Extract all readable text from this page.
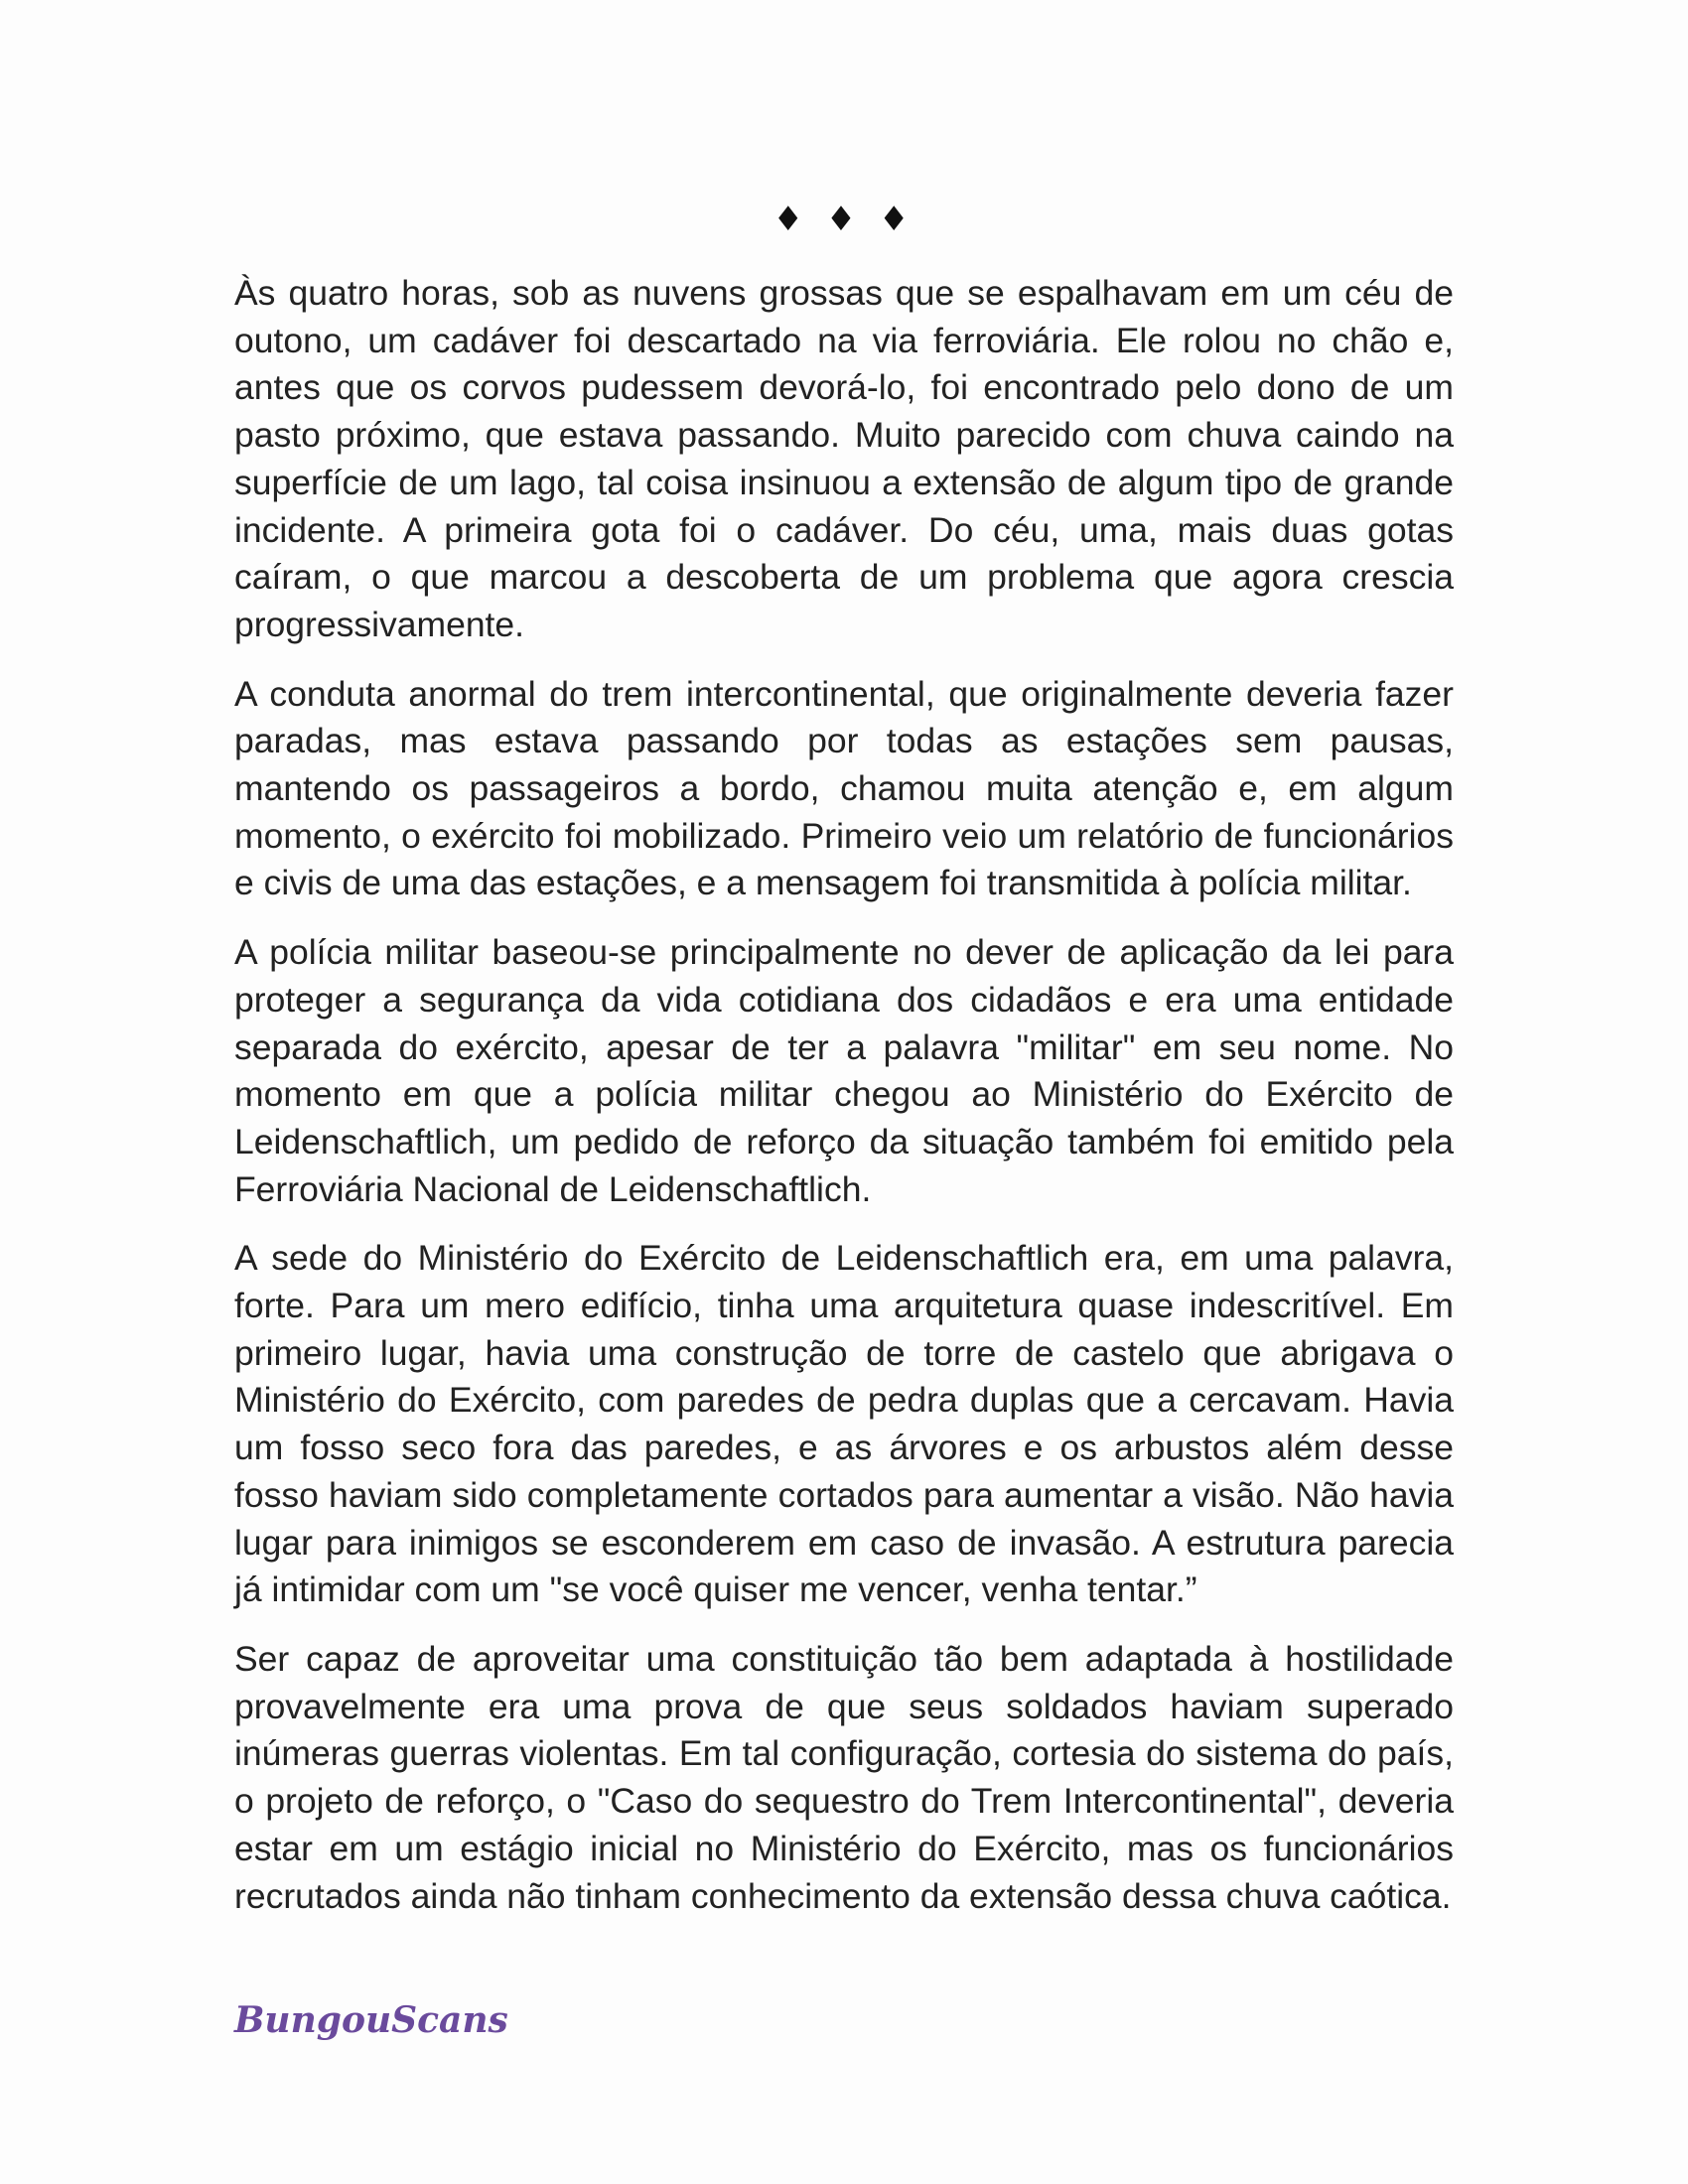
♦ ♦ ♦

Às quatro horas, sob as nuvens grossas que se espalhavam em um céu de outono, um cadáver foi descartado na via ferroviária. Ele rolou no chão e, antes que os corvos pudessem devorá-lo, foi encontrado pelo dono de um pasto próximo, que estava passando. Muito parecido com chuva caindo na superfície de um lago, tal coisa insinuou a extensão de algum tipo de grande incidente. A primeira gota foi o cadáver. Do céu, uma, mais duas gotas caíram, o que marcou a descoberta de um problema que agora crescia progressivamente.

A conduta anormal do trem intercontinental, que originalmente deveria fazer paradas, mas estava passando por todas as estações sem pausas, mantendo os passageiros a bordo, chamou muita atenção e, em algum momento, o exército foi mobilizado. Primeiro veio um relatório de funcionários e civis de uma das estações, e a mensagem foi transmitida à polícia militar.

A polícia militar baseou-se principalmente no dever de aplicação da lei para proteger a segurança da vida cotidiana dos cidadãos e era uma entidade separada do exército, apesar de ter a palavra "militar" em seu nome. No momento em que a polícia militar chegou ao Ministério do Exército de Leidenschaftlich, um pedido de reforço da situação também foi emitido pela Ferroviária Nacional de Leidenschaftlich.

A sede do Ministério do Exército de Leidenschaftlich era, em uma palavra, forte. Para um mero edifício, tinha uma arquitetura quase indescritível. Em primeiro lugar, havia uma construção de torre de castelo que abrigava o Ministério do Exército, com paredes de pedra duplas que a cercavam. Havia um fosso seco fora das paredes, e as árvores e os arbustos além desse fosso haviam sido completamente cortados para aumentar a visão. Não havia lugar para inimigos se esconderem em caso de invasão. A estrutura parecia já intimidar com um "se você quiser me vencer, venha tentar.”

Ser capaz de aproveitar uma constituição tão bem adaptada à hostilidade provavelmente era uma prova de que seus soldados haviam superado inúmeras guerras violentas. Em tal configuração, cortesia do sistema do país, o projeto de reforço, o "Caso do sequestro do Trem Intercontinental", deveria estar em um estágio inicial no Ministério do Exército, mas os funcionários recrutados ainda não tinham conhecimento da extensão dessa chuva caótica.

BungouScans
